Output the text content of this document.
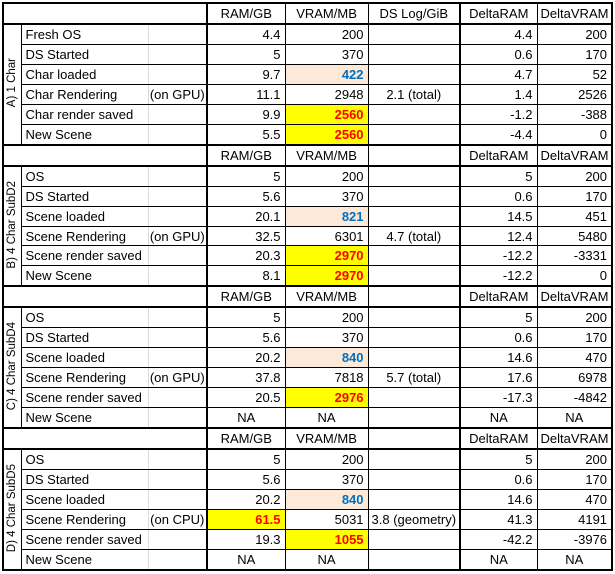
			RAM/GB	VRAM/MB	DS Log/GiB	DeltaRAM	DeltaVRAM
A) 1 Char	Fresh OS		4.4	200		4.4	200
	DS Started		5	370		0.6	170
	Char loaded		9.7	422		4.7	52
	Char Rendering	(on GPU)	11.1	2948	2.1 (total)	1.4	2526
	Char render saved		9.9	2560		-1.2	-388
	New Scene		5.5	2560		-4.4	0
			RAM/GB	VRAM/MB		DeltaRAM	DeltaVRAM
B) 4 Char SubD2	OS		5	200		5	200
	DS Started		5.6	370		0.6	170
	Scene loaded		20.1	821		14.5	451
	Scene Rendering	(on GPU)	32.5	6301	4.7 (total)	12.4	5480
	Scene render saved		20.3	2970		-12.2	-3331
	New Scene		8.1	2970		-12.2	0
			RAM/GB	VRAM/MB		DeltaRAM	DeltaVRAM
C) 4 Char SubD4	OS		5	200		5	200
	DS Started		5.6	370		0.6	170
	Scene loaded		20.2	840		14.6	470
	Scene Rendering	(on GPU)	37.8	7818	5.7 (total)	17.6	6978
	Scene render saved		20.5	2976		-17.3	-4842
	New Scene		NA	NA		NA	NA
			RAM/GB	VRAM/MB		DeltaRAM	DeltaVRAM
D) 4 Char SubD5	OS		5	200		5	200
	DS Started		5.6	370		0.6	170
	Scene loaded		20.2	840		14.6	470
	Scene Rendering	(on CPU)	61.5	5031	3.8 (geometry)	41.3	4191
	Scene render saved		19.3	1055		-42.2	-3976
	New Scene		NA	NA		NA	NA
